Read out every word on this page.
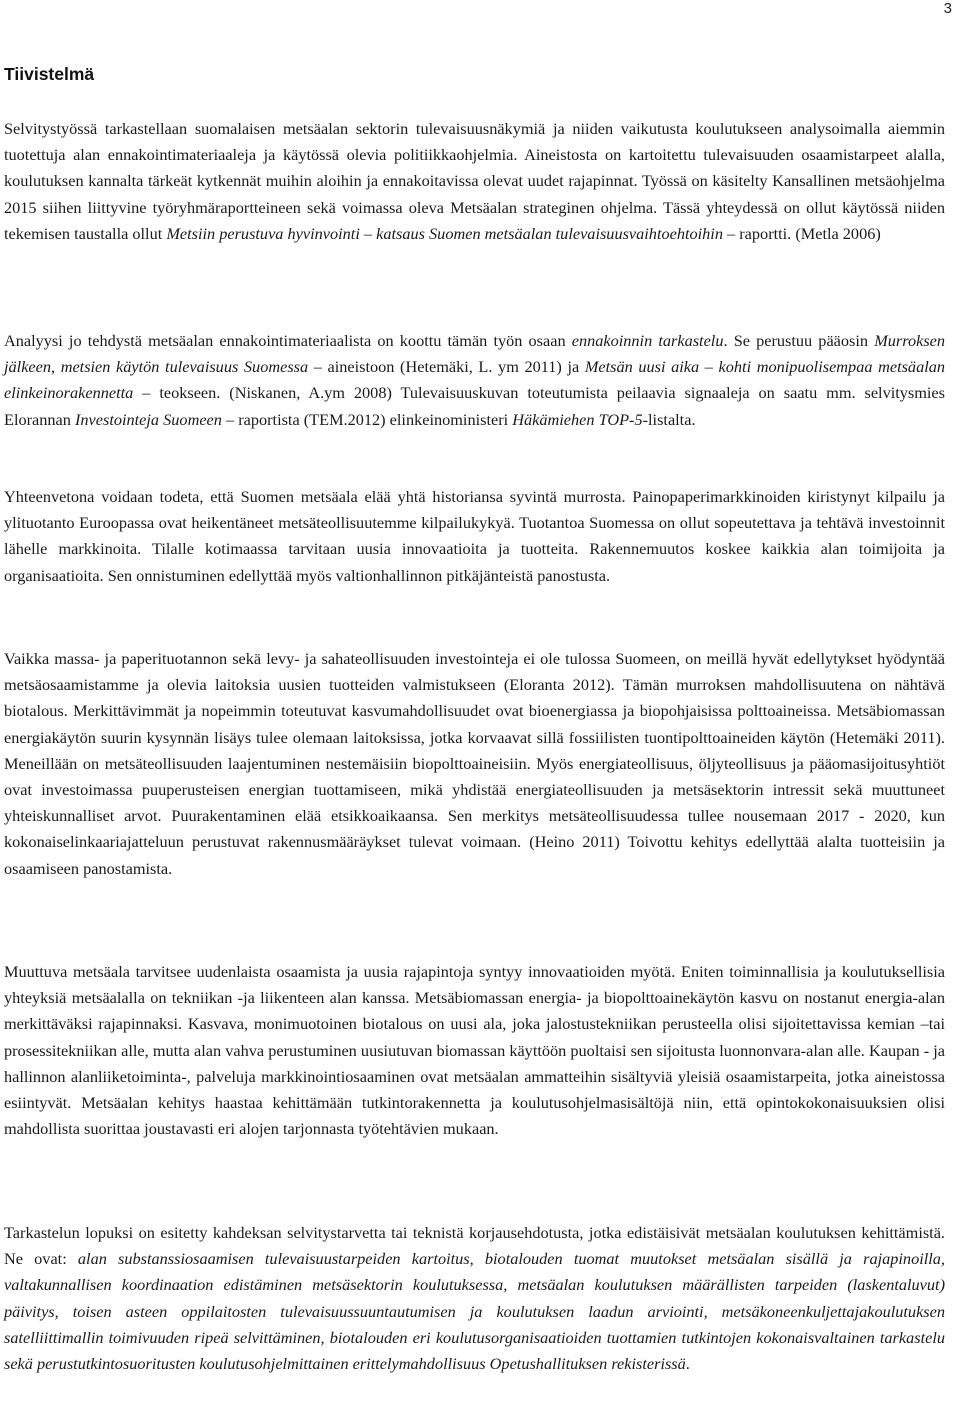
3
Tiivistelmä

Selvitystyössä tarkastellaan suomalaisen metsäalan sektorin tulevaisuusnäkymiä ja niiden vaikutusta koulutukseen analysoimalla aiemmin tuotettuja alan ennakointimateriaaleja ja käytössä olevia politiikkaohjelmia. Aineistosta on kartoitettu tulevaisuuden osaamistarpeet alalla, koulutuksen kannalta tärkeät kytkennät muihin aloihin ja ennakoitavissa olevat uudet rajapinnat. Työssä on käsitelty Kansallinen metsäohjelma 2015 siihen liittyvine työryhmäraportteineen sekä voimassa oleva Metsäalan strateginen ohjelma. Tässä yhteydessä on ollut käytössä niiden tekemisen taustalla ollut Metsiin perustuva hyvinvointi – katsaus Suomen metsäalan tulevaisuusvaihtoehtoihin – raportti. (Metla 2006)

Analyysi jo tehdystä metsäalan ennakointimateriaalista on koottu tämän työn osaan ennakoinnin tarkastelu. Se perustuu pääosin Murroksen jälkeen, metsien käytön tulevaisuus Suomessa – aineistoon (Hetemäki, L. ym 2011) ja Metsän uusi aika – kohti monipuolisempaa metsäalan elinkeinorakennetta – teokseen. (Niskanen, A.ym 2008) Tulevaisuuskuvan toteutumista peilaavia signaaleja on saatu mm. selvitysmies Elorannan Investointeja Suomeen – raportista (TEM.2012) elinkeinoministeri Häkämiehen TOP-5-listalta.

Yhteenvetona voidaan todeta, että Suomen metsäala elää yhtä historiansa syvintä murrosta. Painopaperimarkkinoiden kiristynyt kilpailu ja ylituotanto Euroopassa ovat heikentäneet metsäteollisuutemme kilpailukykyä. Tuotantoa Suomessa on ollut sopeutettava ja tehtävä investoinnit lähelle markkinoita. Tilalle kotimaassa tarvitaan uusia innovaatioita ja tuotteita. Rakennemuutos koskee kaikkia alan toimijoita ja organisaatioita. Sen onnistuminen edellyttää myös valtionhallinnon pitkäjänteistä panostusta.

Vaikka massa- ja paperituotannon sekä levy- ja sahateollisuuden investointeja ei ole tulossa Suomeen, on meillä hyvät edellytykset hyödyntää metsäosaamistamme ja olevia laitoksia uusien tuotteiden valmistukseen (Eloranta 2012). Tämän murroksen mahdollisuutena on nähtävä biotalous. Merkittävimmät ja nopeimmin toteutuvat kasvumahdollisuudet ovat bioenergiassa ja biopohjaisissa polttoaineissa. Metsäbiomassan energiakäytön suurin kysynnän lisäys tulee olemaan laitoksissa, jotka korvaavat sillä fossiilisten tuontipolttoaineiden käytön (Hetemäki 2011). Meneillään on metsäteollisuuden laajentuminen nestemäisiin biopolttoaineisiin. Myös energiateollisuus, öljyteollisuus ja pääomasijoitusyhtiöt ovat investoimassa puuperusteisen energian tuottamiseen, mikä yhdistää energiateollisuuden ja metsäsektorin intressit sekä muuttuneet yhteiskunnalliset arvot. Puurakentaminen elää etsikkoaikaansa. Sen merkitys metsäteollisuudessa tullee nousemaan 2017 - 2020, kun kokonaiselinkaariajatteluun perustuvat rakennusmääräykset tulevat voimaan. (Heino 2011) Toivottu kehitys edellyttää alalta tuotteisiin ja osaamiseen panostamista.

Muuttuva metsäala tarvitsee uudenlaista osaamista ja uusia rajapintoja syntyy innovaatioiden myötä. Eniten toiminnallisia ja koulutuksellisia yhteyksiä metsäalalla on tekniikan -ja liikenteen alan kanssa. Metsäbiomassan energia- ja biopolttoainekäytön kasvu on nostanut energia-alan merkittäväksi rajapinnaksi. Kasvava, monimuotoinen biotalous on uusi ala, joka jalostustekniikan perusteella olisi sijoitettavissa kemian –tai prosessitekniikan alle, mutta alan vahva perustuminen uusiutuvan biomassan käyttöön puoltaisi sen sijoitusta luonnonvara-alan alle. Kaupan - ja hallinnon alanliiketoiminta-, palveluja markkinointiosaaminen ovat metsäalan ammatteihin sisältyviä yleisiä osaamistarpeita, jotka aineistossa esiintyvät. Metsäalan kehitys haastaa kehittämään tutkintorakennetta ja koulutusohjelmasisältöjä niin, että opintokokonaisuuksien olisi mahdollista suorittaa joustavasti eri alojen tarjonnasta työtehtävien mukaan.

Tarkastelun lopuksi on esitetty kahdeksan selvitystarvetta tai teknistä korjausehdotusta, jotka edistäisivät metsäalan koulutuksen kehittämistä. Ne ovat: alan substanssiosaamisen tulevaisuustarpeiden kartoitus, biotalouden tuomat muutokset metsäalan sisällä ja rajapinoilla, valtakunnallisen koordinaation edistäminen metsäsektorin koulutuksessa, metsäalan koulutuksen määrällisten tarpeiden (laskentaluvut) päivitys, toisen asteen oppilaitosten tulevaisuussuuntautumisen ja koulutuksen laadun arviointi, metsäkoneenkuljettajakoulutuksen satelliittimallin toimivuuden ripeä selvittäminen, biotalouden eri koulutusorganisaatioiden tuottamien tutkintojen kokonaisvaltainen tarkastelu sekä perustutkintosuoritusten koulutusohjelmittainen erittelymahdollisuus Opetushallituksen rekisterissä.
